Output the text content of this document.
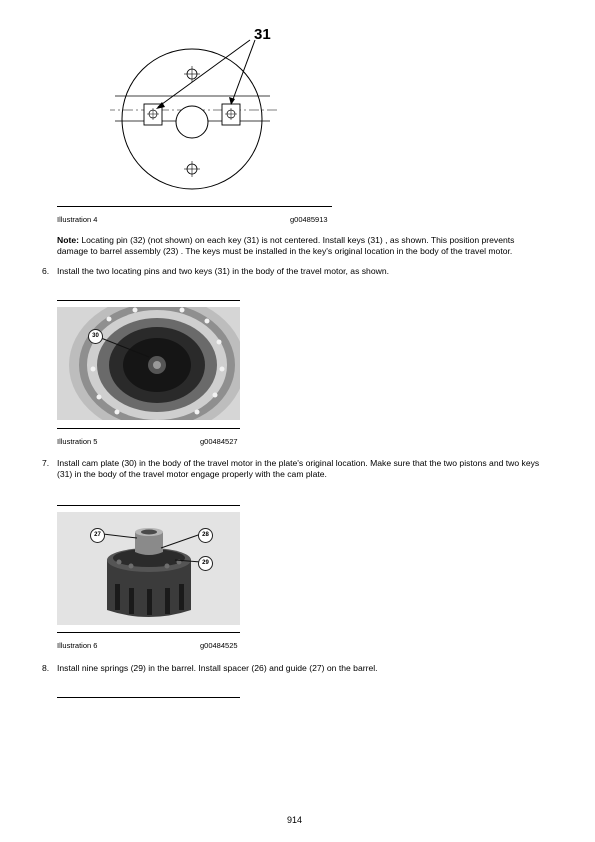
31
Illustration 4	g00485913
Note: Locating pin (32) (not shown) on each key (31) is not centered. Install keys (31) , as shown. This position prevents damage to barrel assembly (23) . The keys must be installed in the key's original location in the body of the travel motor.
6. Install the two locating pins and two keys (31) in the body of the travel motor, as shown.
30
Illustration 5	g00484527
7. Install cam plate (30) in the body of the travel motor in the plate's original location. Make sure that the two pistons and two keys (31) in the body of the travel motor engage properly with the cam plate.
27	28
29
Illustration 6	g00484525
8. Install nine springs (29) in the barrel. Install spacer (26) and guide (27) on the barrel.
914
